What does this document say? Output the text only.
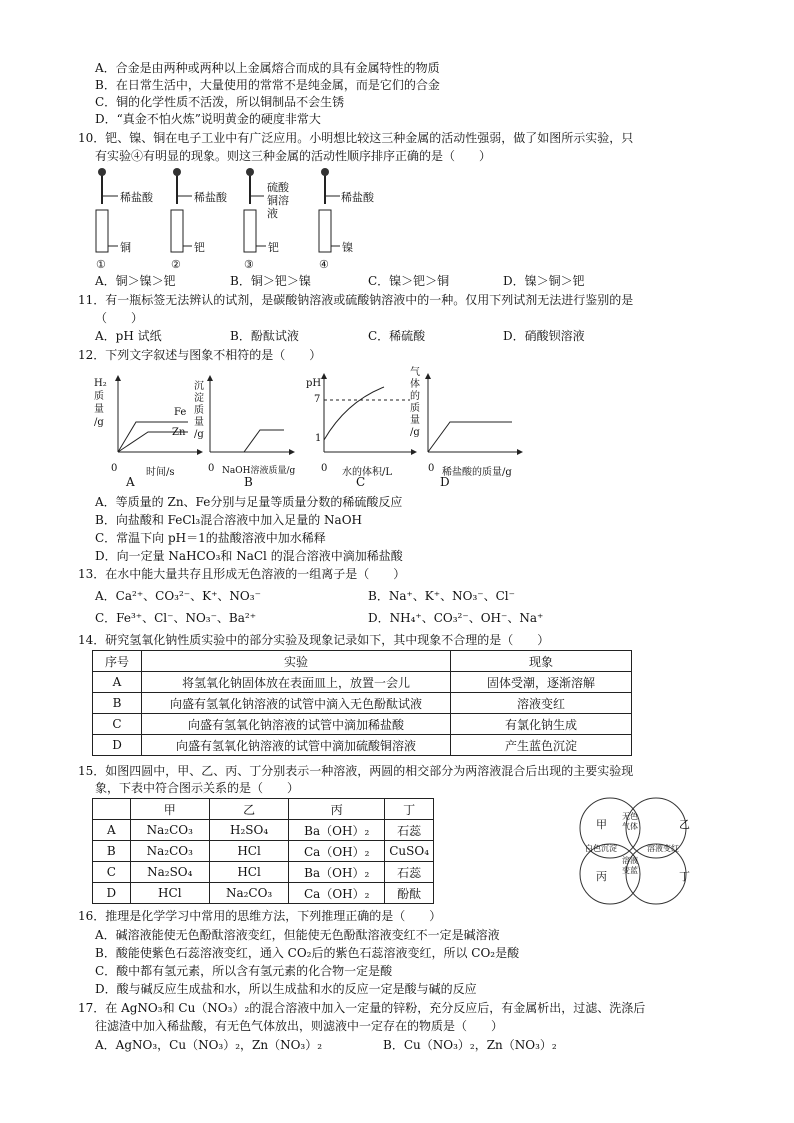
A．合金是由两种或两种以上金属熔合而成的具有金属特性的物质
B．在日常生活中，大量使用的常常不是纯金属，而是它们的合金
C．铜的化学性质不活泼，所以铜制品不会生锈
D．“真金不怕火炼”说明黄金的硬度非常大
10．钯、镍、铜在电子工业中有广泛应用。小明想比较这三种金属的活动性强弱，做了如图所示实验，只
有实验④有明显的现象。则这三种金属的活动性顺序排序正确的是（　　）
稀盐酸	稀盐酸
硫酸铜溶液
稀盐酸
铜	钯	钯	镍
①	②	③	④
A．铜＞镍＞钯	B．铜＞钯＞镍	C．镍＞钯＞铜	D．镍＞铜＞钯
11．有一瓶标签无法辨认的试剂，是碳酸钠溶液或硫酸钠溶液中的一种。仅用下列试剂无法进行鉴别的是
（　　）
A．pH 试纸	B．酚酞试液	C．稀硫酸	D．硝酸钡溶液
12．下列文字叙述与图象不相符的是（　　）
H₂
质
量
/g
Fe
Zn
0	时间/s
A
沉
淀
质
量
/g
0 NaOH溶液质量/g
B
pH
7
1
0 水的体积/L
C
气
体
的
质
量
/g
0 稀盐酸的质量/g
D
A．等质量的 Zn、Fe分别与足量等质量分数的稀硫酸反应
B．向盐酸和 FeCl₃混合溶液中加入足量的 NaOH
C．常温下向 pH＝1的盐酸溶液中加水稀释
D．向一定量 NaHCO₃和 NaCl 的混合溶液中滴加稀盐酸
13．在水中能大量共存且形成无色溶液的一组离子是（　　）
A．Ca²⁺、CO₃²⁻、K⁺、NO₃⁻	B．Na⁺、K⁺、NO₃⁻、Cl⁻
C．Fe³⁺、Cl⁻、NO₃⁻、Ba²⁺	D．NH₄⁺、CO₃²⁻、OH⁻、Na⁺
14．研究氢氧化钠性质实验中的部分实验及现象记录如下，其中现象不合理的是（　　）
序号	实验	现象
A	将氢氧化钠固体放在表面皿上，放置一会儿	固体受潮，逐渐溶解
B	向盛有氢氧化钠溶液的试管中滴入无色酚酞试液	溶液变红
C	向盛有氢氧化钠溶液的试管中滴加稀盐酸	有氯化钠生成
D	向盛有氢氧化钠溶液的试管中滴加硫酸铜溶液	产生蓝色沉淀
15．如图四圆中，甲、乙、丙、丁分别表示一种溶液，两圆的相交部分为两溶液混合后出现的主要实验现
象，下表中符合图示关系的是（　　）
	甲	乙	丙	丁
A	Na₂CO₃	H₂SO₄	Ba（OH）₂	石蕊
B	Na₂CO₃	HCl	Ca（OH）₂	CuSO₄
C	Na₂SO₄	HCl	Ba（OH）₂	石蕊
D	HCl	Na₂CO₃	Ca（OH）₂	酚酞
甲	乙
丙	丁
无色
气体
白色沉淀	溶液变红
溶液
变蓝
16．推理是化学学习中常用的思维方法，下列推理正确的是（　　）
A．碱溶液能使无色酚酞溶液变红，但能使无色酚酞溶液变红不一定是碱溶液
B．酸能使紫色石蕊溶液变红，通入 CO₂后的紫色石蕊溶液变红，所以 CO₂是酸
C．酸中都有氢元素，所以含有氢元素的化合物一定是酸
D．酸与碱反应生成盐和水，所以生成盐和水的反应一定是酸与碱的反应
17．在 AgNO₃和 Cu（NO₃）₂的混合溶液中加入一定量的锌粉，充分反应后，有金属析出，过滤、洗涤后
往滤渣中加入稀盐酸，有无色气体放出，则滤液中一定存在的物质是（　　）
A．AgNO₃，Cu（NO₃）₂，Zn（NO₃）₂	B．Cu（NO₃）₂，Zn（NO₃）₂
